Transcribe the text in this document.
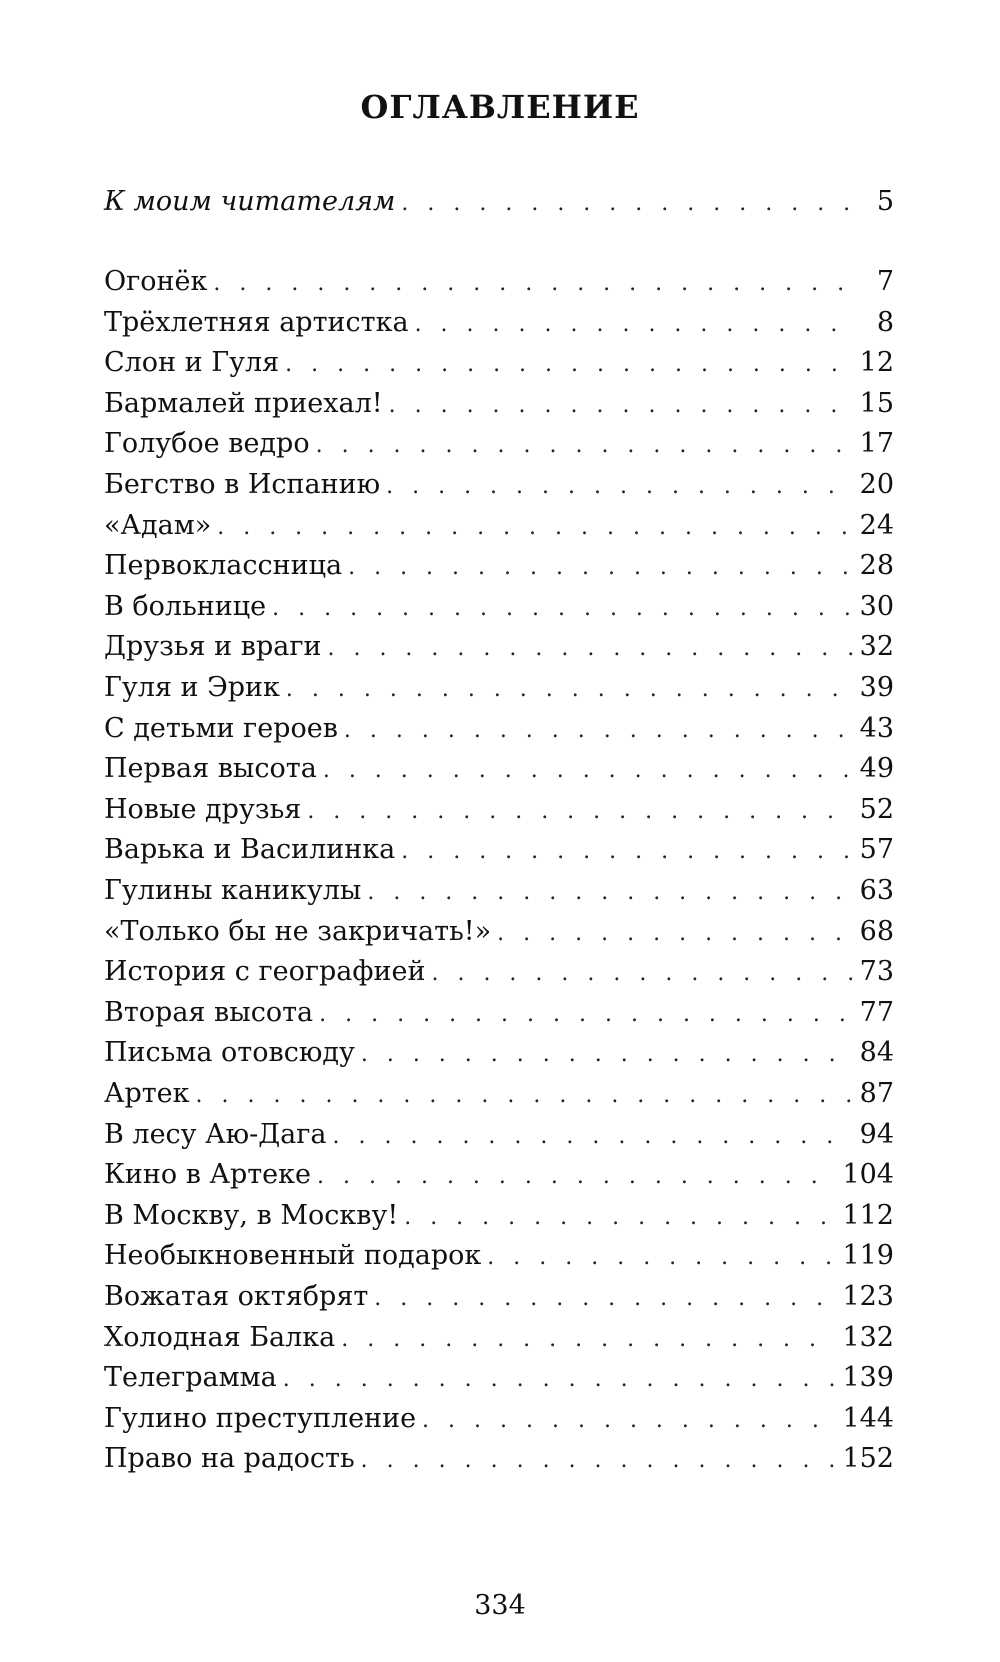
ОГЛАВЛЕНИЕ
К моим читателям . . .	5
Огонёк . . .	7
Трёхлетняя артистка . . .	8
Слон и Гуля . . .	12
Бармалей приехал! . . .	15
Голубое ведро . . .	17
Бегство в Испанию . . .	20
«Адам» . . .	24
Первоклассница . . .	28
В больнице . . .	30
Друзья и враги . . .	32
Гуля и Эрик . . .	39
С детьми героев . . .	43
Первая высота . . .	49
Новые друзья . . .	52
Варька и Василинка . . .	57
Гулины каникулы . . .	63
«Только бы не закричать!» . . .	68
История с географией . . .	73
Вторая высота . . .	77
Письма отовсюду . . .	84
Артек . . .	87
В лесу Аю-Дага . . .	94
Кино в Артеке . . .	104
В Москву, в Москву! . . .	112
Необыкновенный подарок . . .	119
Вожатая октябрят . . .	123
Холодная Балка . . .	132
Телеграмма . . .	139
Гулино преступление . . .	144
Право на радость . . .	152
334
